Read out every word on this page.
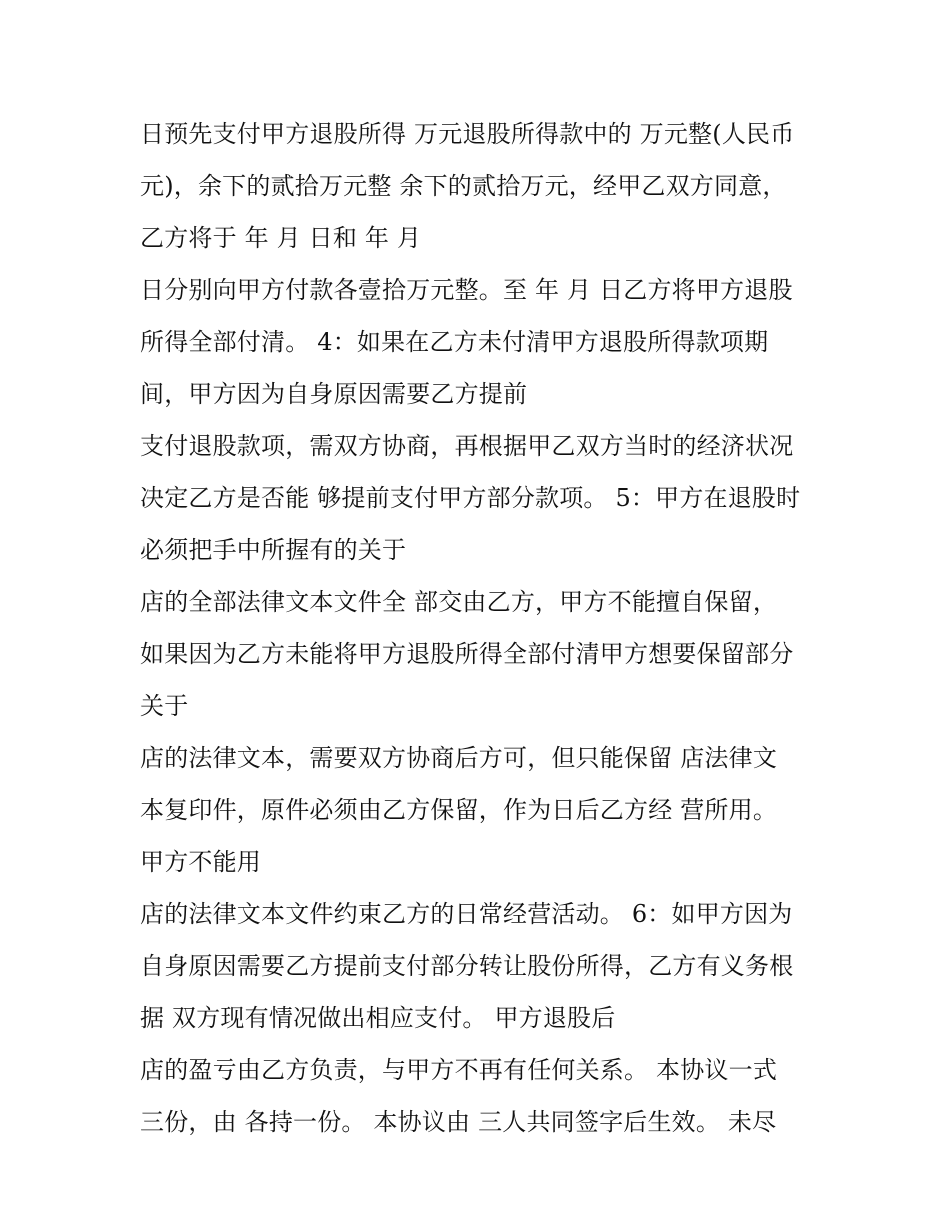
日预先支付甲方退股所得 万元退股所得款中的 万元整(人民币
元)，余下的贰拾万元整 余下的贰拾万元，经甲乙双方同意，
乙方将于 年 月 日和 年 月
日分别向甲方付款各壹拾万元整。至 年 月 日乙方将甲方退股
所得全部付清。 4：如果在乙方未付清甲方退股所得款项期
间，甲方因为自身原因需要乙方提前
支付退股款项，需双方协商，再根据甲乙双方当时的经济状况
决定乙方是否能 够提前支付甲方部分款项。 5：甲方在退股时
必须把手中所握有的关于
店的全部法律文本文件全 部交由乙方，甲方不能擅自保留，
如果因为乙方未能将甲方退股所得全部付清甲方想要保留部分
关于
店的法律文本，需要双方协商后方可，但只能保留 店法律文
本复印件，原件必须由乙方保留，作为日后乙方经 营所用。
甲方不能用
店的法律文本文件约束乙方的日常经营活动。 6：如甲方因为
自身原因需要乙方提前支付部分转让股份所得，乙方有义务根
据 双方现有情况做出相应支付。 甲方退股后
店的盈亏由乙方负责，与甲方不再有任何关系。 本协议一式
三份，由 各持一份。 本协议由 三人共同签字后生效。 未尽
